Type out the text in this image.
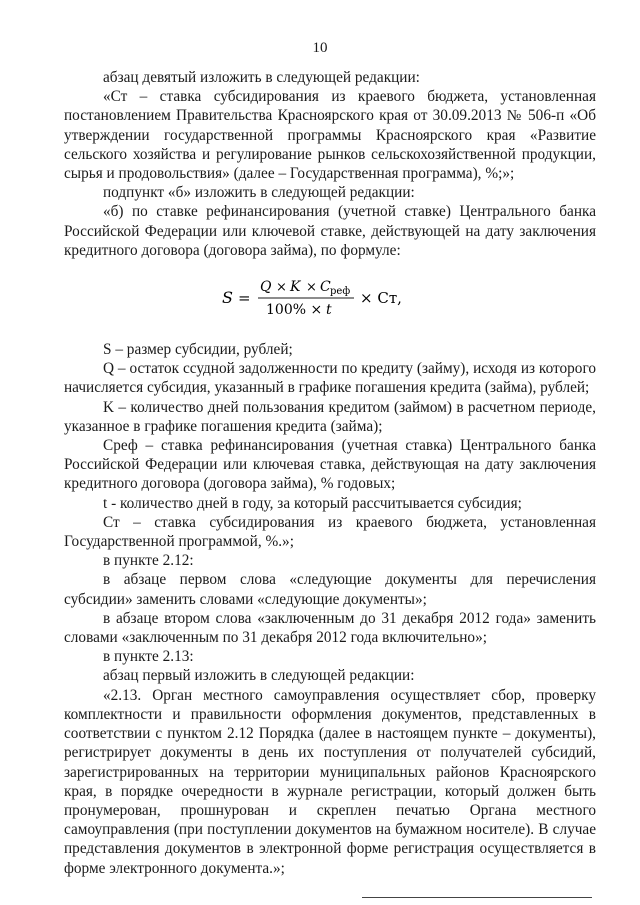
10

абзац девятый изложить в следующей редакции:

«Ст – ставка субсидирования из краевого бюджета, установленная постановлением Правительства Красноярского края от 30.09.2013 № 506-п «Об утверждении государственной программы Красноярского края «Развитие сельского хозяйства и регулирование рынков сельскохозяйственной продукции, сырья и продовольствия» (далее – Государственная программа), %;»;

подпункт «б» изложить в следующей редакции:

«б) по ставке рефинансирования (учетной ставке) Центрального банка Российской Федерации или ключевой ставке, действующей на дату заключения кредитного договора (договора займа), по формуле:

S =
Q × K × C реф
100% × t
× Ст,

S – размер субсидии, рублей;

Q – остаток ссудной задолженности по кредиту (займу), исходя из которого начисляется субсидия, указанный в графике погашения кредита (займа), рублей;

K – количество дней пользования кредитом (займом) в расчетном периоде, указанное в графике погашения кредита (займа);

Среф – ставка рефинансирования (учетная ставка) Центрального банка Российской Федерации или ключевая ставка, действующая на дату заключения кредитного договора (договора займа), % годовых;

t - количество дней в году, за который рассчитывается субсидия;

Ст – ставка субсидирования из краевого бюджета, установленная Государственной программой, %.»;

в пункте 2.12:

в абзаце первом слова «следующие документы для перечисления субсидии» заменить словами «следующие документы»;

в абзаце втором слова «заключенным до 31 декабря 2012 года» заменить словами «заключенным по 31 декабря 2012 года включительно»;

в пункте 2.13:

абзац первый изложить в следующей редакции:

«2.13. Орган местного самоуправления осуществляет сбор, проверку комплектности и правильности оформления документов, представленных в соответствии с пунктом 2.12 Порядка (далее в настоящем пункте – документы), регистрирует документы в день их поступления от получателей субсидий, зарегистрированных на территории муниципальных районов Красноярского края, в порядке очередности в журнале регистрации, который должен быть пронумерован, прошнурован и скреплен печатью Органа местного самоуправления (при поступлении документов на бумажном носителе). В случае представления документов в электронной форме регистрация осуществляется в форме электронного документа.»;
